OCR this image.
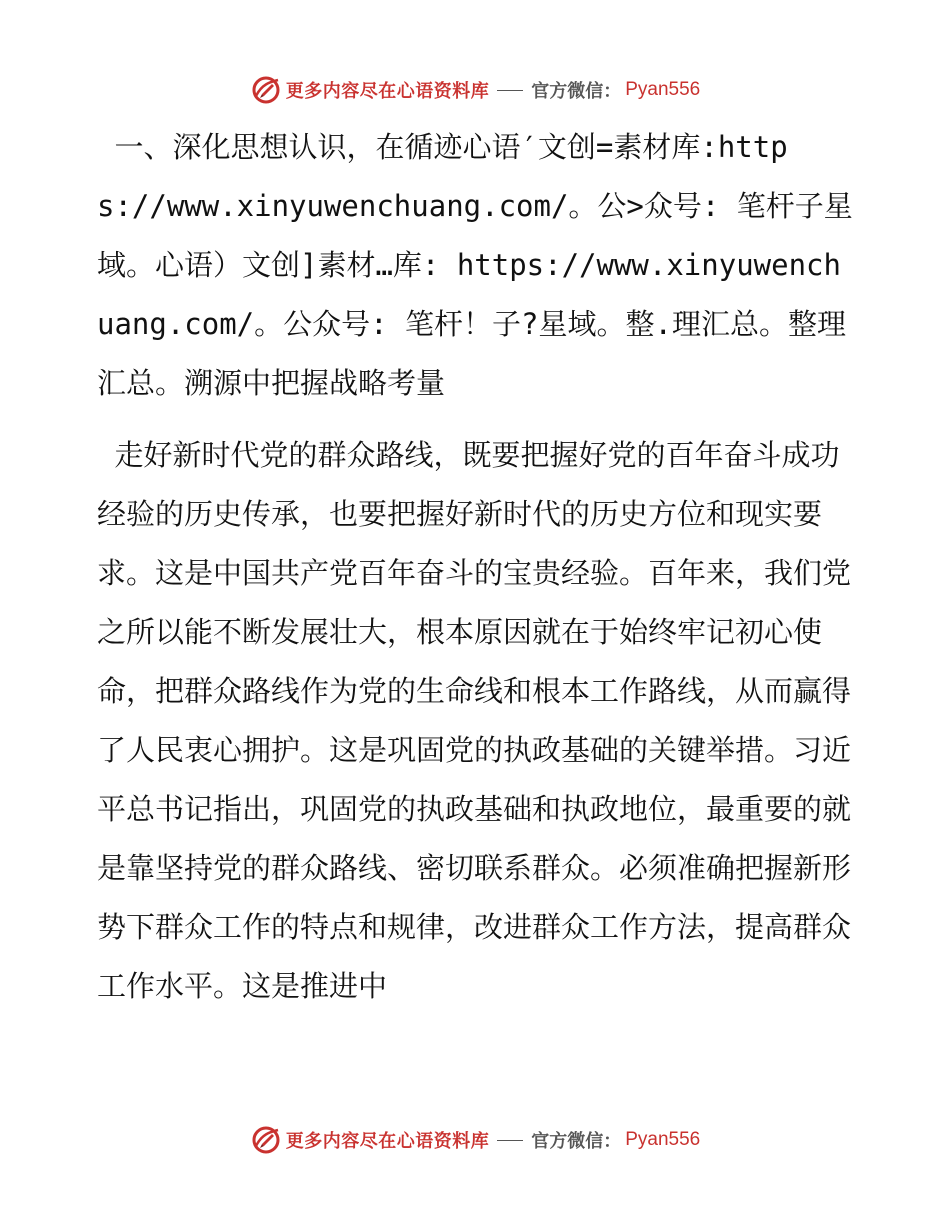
更多内容尽在心语资料库 官方微信： Pyan556

一、深化思想认识，在循迹心语′文创=素材库:https://www.xinyuwenchuang.com/。公>众号: 笔杆子星域。心语）文创]素材…库: https://www.xinyuwenchuang.com/。公众号: 笔杆！子?星域。整.理汇总。整理汇总。溯源中把握战略考量

走好新时代党的群众路线，既要把握好党的百年奋斗成功经验的历史传承，也要把握好新时代的历史方位和现实要求。这是中国共产党百年奋斗的宝贵经验。百年来，我们党之所以能不断发展壮大，根本原因就在于始终牢记初心使命，把群众路线作为党的生命线和根本工作路线，从而赢得了人民衷心拥护。这是巩固党的执政基础的关键举措。习近平总书记指出，巩固党的执政基础和执政地位，最重要的就是靠坚持党的群众路线、密切联系群众。必须准确把握新形势下群众工作的特点和规律，改进群众工作方法，提高群众工作水平。这是推进中

更多内容尽在心语资料库 官方微信： Pyan556
